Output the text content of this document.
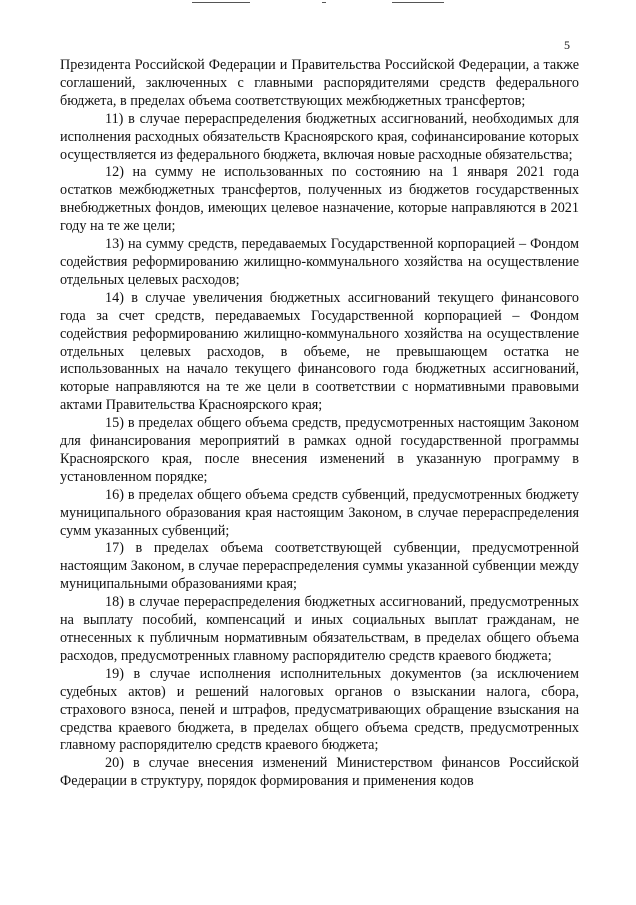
5

Президента Российской Федерации и Правительства Российской Федерации, а также соглашений, заключенных с главными распорядителями средств федерального бюджета, в пределах объема соответствующих межбюджетных трансфертов;

11) в случае перераспределения бюджетных ассигнований, необходимых для исполнения расходных обязательств Красноярского края, софинансирование которых осуществляется из федерального бюджета, включая новые расходные обязательства;

12) на сумму не использованных по состоянию на 1 января 2021 года остатков межбюджетных трансфертов, полученных из бюджетов государственных внебюджетных фондов, имеющих целевое назначение, которые направляются в 2021 году на те же цели;

13) на сумму средств, передаваемых Государственной корпорацией – Фондом содействия реформированию жилищно-коммунального хозяйства на осуществление отдельных целевых расходов;

14) в случае увеличения бюджетных ассигнований текущего финансового года за счет средств, передаваемых Государственной корпорацией – Фондом содействия реформированию жилищно-коммунального хозяйства на осуществление отдельных целевых расходов, в объеме, не превышающем остатка не использованных на начало текущего финансового года бюджетных ассигнований, которые направляются на те же цели в соответствии с нормативными правовыми актами Правительства Красноярского края;

15) в пределах общего объема средств, предусмотренных настоящим Законом для финансирования мероприятий в рамках одной государственной программы Красноярского края, после внесения изменений в указанную программу в установленном порядке;

16) в пределах общего объема средств субвенций, предусмотренных бюджету муниципального образования края настоящим Законом, в случае перераспределения сумм указанных субвенций;

17) в пределах объема соответствующей субвенции, предусмотренной настоящим Законом, в случае перераспределения суммы указанной субвенции между муниципальными образованиями края;

18) в случае перераспределения бюджетных ассигнований, предусмотренных на выплату пособий, компенсаций и иных социальных выплат гражданам, не отнесенных к публичным нормативным обязательствам, в пределах общего объема расходов, предусмотренных главному распорядителю средств краевого бюджета;

19) в случае исполнения исполнительных документов (за исключением судебных актов) и решений налоговых органов о взыскании налога, сбора, страхового взноса, пеней и штрафов, предусматривающих обращение взыскания на средства краевого бюджета, в пределах общего объема средств, предусмотренных главному распорядителю средств краевого бюджета;

20) в случае внесения изменений Министерством финансов Российской Федерации в структуру, порядок формирования и применения кодов
